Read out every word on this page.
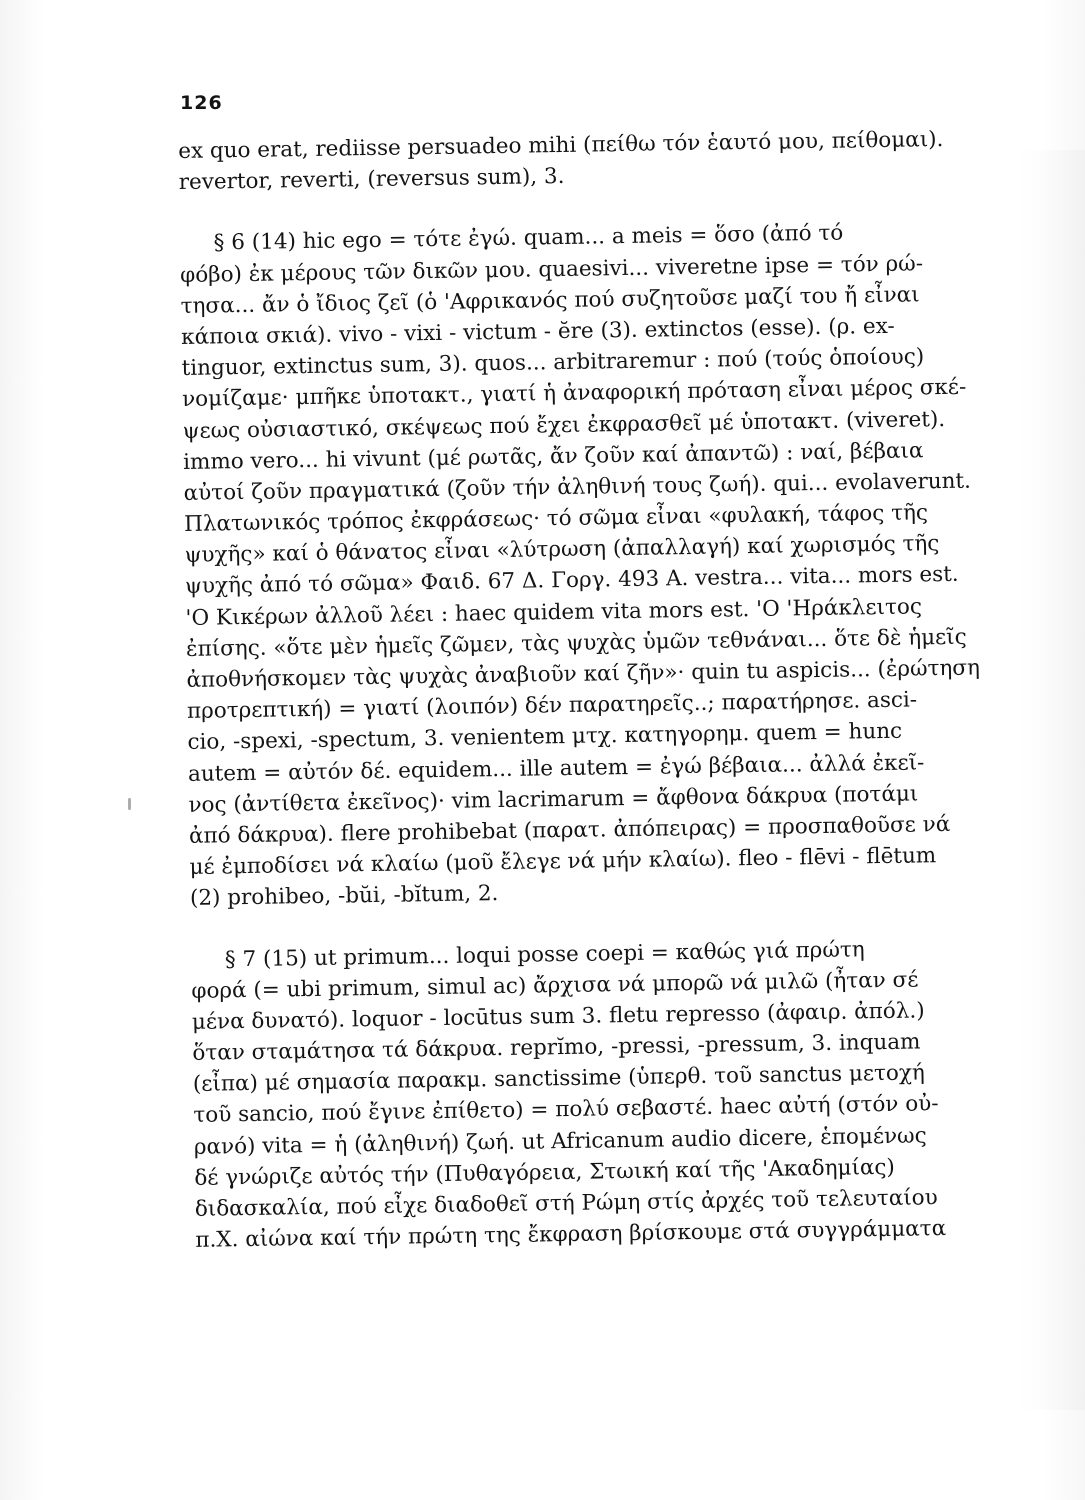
126
ex quo erat, rediisse persuadeo mihi (πείθω τόν ἑαυτό μου, πείθομαι).
revertor, reverti, (reversus sum), 3.
§ 6 (14) hic ego = τότε ἐγώ. quam... a meis = ὅσο (ἀπό τό
φόβο) ἐκ μέρους τῶν δικῶν μου. quaesivi... viveretne ipse = τόν ρώ-
τησα... ἄν ὁ ἴδιος ζεῖ (ὁ 'Αφρικανός πού συζητοῦσε μαζί του ἤ εἶναι
κάποια σκιά). vivo - vixi - victum - ĕre (3). extinctos (esse). (ρ. ex-
tinguor, extinctus sum, 3). quos... arbitraremur : πού (τούς ὁποίους)
νομίζαμε· μπῆκε ὑποτακτ., γιατί ἡ ἀναφορική πρόταση εἶναι μέρος σκέ-
ψεως οὐσιαστικό, σκέψεως πού ἔχει ἐκφρασθεῖ μέ ὑποτακτ. (viveret).
immo vero... hi vivunt (μέ ρωτᾶς, ἄν ζοῦν καί ἀπαντῶ) : ναί, βέβαια
αὐτοί ζοῦν πραγματικά (ζοῦν τήν ἀληθινή τους ζωή). qui... evolaverunt.
Πλατωνικός τρόπος ἐκφράσεως· τό σῶμα εἶναι «φυλακή, τάφος τῆς
ψυχῆς» καί ὁ θάνατος εἶναι «λύτρωση (ἀπαλλαγή) καί χωρισμός τῆς
ψυχῆς ἀπό τό σῶμα» Φαιδ. 67 Δ. Γοργ. 493 Α. vestra... vita... mors est.
'Ο Κικέρων ἀλλοῦ λέει : haec quidem vita mors est. 'Ο 'Ηράκλειτος
ἐπίσης. «ὅτε μὲν ἡμεῖς ζῶμεν, τὰς ψυχὰς ὑμῶν τεθνάναι... ὅτε δὲ ἡμεῖς
ἀποθνήσκομεν τὰς ψυχὰς ἀναβιοῦν καί ζῆν»· quin tu aspicis... (ἐρώτηση
προτρεπτική) = γιατί (λοιπόν) δέν παρατηρεῖς..; παρατήρησε. asci-
cio, -spexi, -spectum, 3. venientem μτχ. κατηγορημ. quem = hunc
autem = αὐτόν δέ. equidem... ille autem = ἐγώ βέβαια... ἀλλά ἐκεῖ-
νος (ἀντίθετα ἐκεῖνος)· vim lacrimarum = ἄφθονα δάκρυα (ποτάμι
ἀπό δάκρυα). flere prohibebat (παρατ. ἀπόπειρας) = προσπαθοῦσε νά
μέ ἐμποδίσει νά κλαίω (μοῦ ἔλεγε νά μήν κλαίω). fleo - flēvi - flētum
(2) prohibeo, -bŭi, -bĭtum, 2.
§ 7 (15) ut primum... loqui posse coepi = καθώς γιά πρώτη
φορά (= ubi primum, simul ac) ἄρχισα νά μπορῶ νά μιλῶ (ἦταν σέ
μένα δυνατό). loquor - locūtus sum 3. fletu represso (ἀφαιρ. ἀπόλ.)
ὅταν σταμάτησα τά δάκρυα. reprĭmo, -pressi, -pressum, 3. inquam
(εἶπα) μέ σημασία παρακμ. sanctissime (ὑπερθ. τοῦ sanctus μετοχή
τοῦ sancio, πού ἔγινε ἐπίθετο) = πολύ σεβαστέ. haec αὐτή (στόν οὐ-
ρανό) vita = ἡ (ἀληθινή) ζωή. ut Africanum audio dicere, ἑπομένως
δέ γνώριζε αὐτός τήν (Πυθαγόρεια, Στωική καί τῆς 'Ακαδημίας)
διδασκαλία, πού εἶχε διαδοθεῖ στή Ρώμη στίς ἀρχές τοῦ τελευταίου
π.Χ. αἰώνα καί τήν πρώτη της ἔκφραση βρίσκουμε στά συγγράμματα
